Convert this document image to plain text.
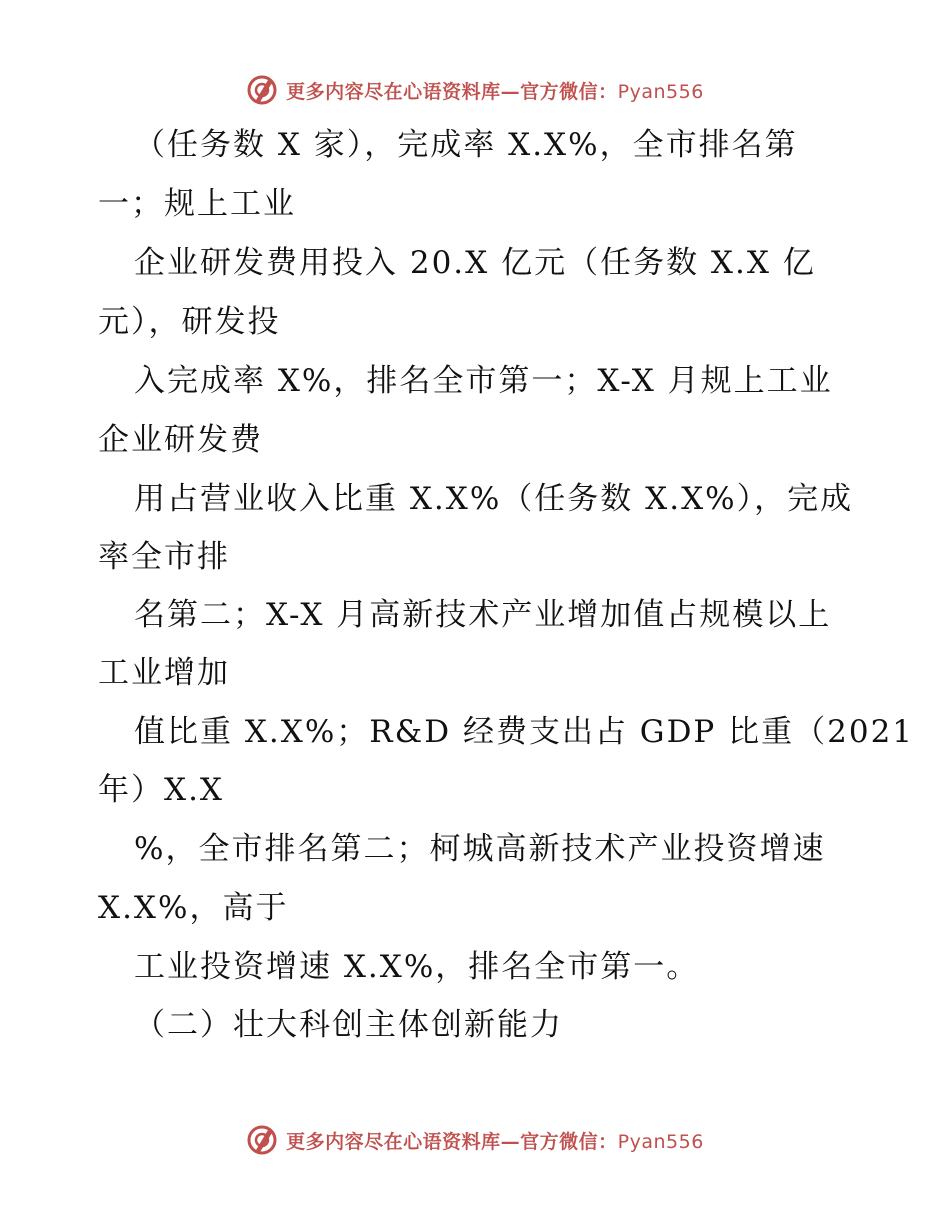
更多内容尽在心语资料库—官方微信：Pyan556
（任务数 X 家），完成率 X.X%，全市排名第
一；规上工业
企业研发费用投入 20.X 亿元（任务数 X.X 亿
元），研发投
入完成率 X%，排名全市第一；X-X 月规上工业
企业研发费
用占营业收入比重 X.X%（任务数 X.X%），完成
率全市排
名第二；X-X 月高新技术产业增加值占规模以上
工业增加
值比重 X.X%；R&D 经费支出占 GDP 比重（2021
年）X.X
%，全市排名第二；柯城高新技术产业投资增速
X.X%，高于
工业投资增速 X.X%，排名全市第一。
（二）壮大科创主体创新能力
更多内容尽在心语资料库—官方微信：Pyan556
